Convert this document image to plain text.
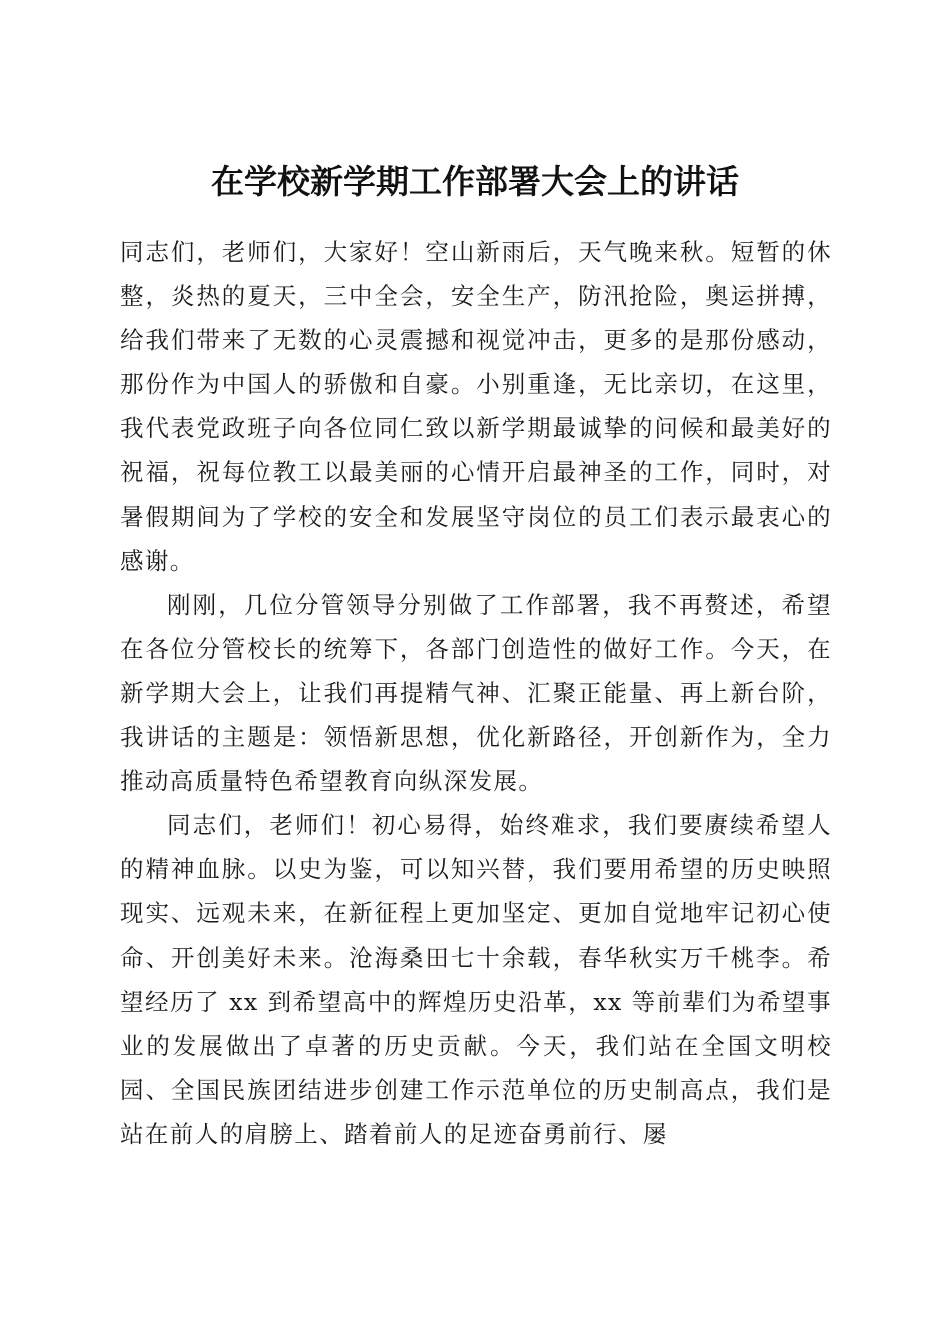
在学校新学期工作部署大会上的讲话

同志们，老师们，大家好！空山新雨后，天气晚来秋。短暂的休整，炎热的夏天，三中全会，安全生产，防汛抢险，奥运拼搏，给我们带来了无数的心灵震撼和视觉冲击，更多的是那份感动，那份作为中国人的骄傲和自豪。小别重逢，无比亲切，在这里，我代表党政班子向各位同仁致以新学期最诚挚的问候和最美好的祝福，祝每位教工以最美丽的心情开启最神圣的工作，同时，对暑假期间为了学校的安全和发展坚守岗位的员工们表示最衷心的感谢。

刚刚，几位分管领导分别做了工作部署，我不再赘述，希望在各位分管校长的统筹下，各部门创造性的做好工作。今天，在新学期大会上，让我们再提精气神、汇聚正能量、再上新台阶，我讲话的主题是：领悟新思想，优化新路径，开创新作为，全力推动高质量特色希望教育向纵深发展。

同志们，老师们！初心易得，始终难求，我们要赓续希望人的精神血脉。以史为鉴，可以知兴替，我们要用希望的历史映照现实、远观未来，在新征程上更加坚定、更加自觉地牢记初心使命、开创美好未来。沧海桑田七十余载，春华秋实万千桃李。希望经历了 xx 到希望高中的辉煌历史沿革，xx 等前辈们为希望事业的发展做出了卓著的历史贡献。今天，我们站在全国文明校园、全国民族团结进步创建工作示范单位的历史制高点，我们是站在前人的肩膀上、踏着前人的足迹奋勇前行、屡
